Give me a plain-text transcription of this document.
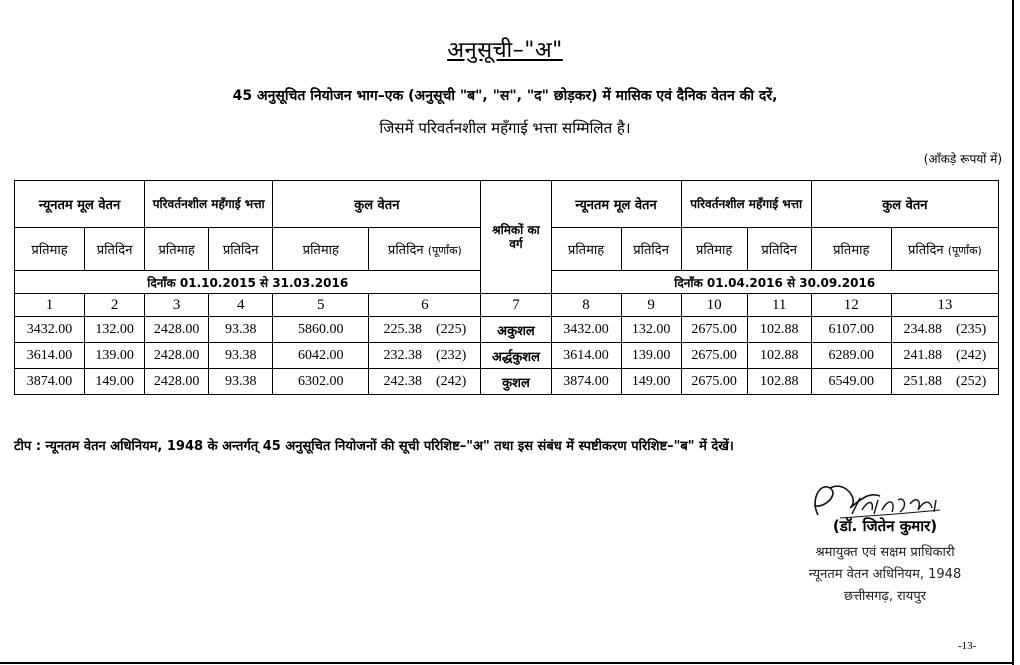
अनुसूची–"अ"
45 अनुसूचित नियोजन भाग–एक (अनुसूची "ब", "स", "द" छोड़कर) में मासिक एवं दैनिक वेतन की दरें,
जिसमें परिवर्तनशील महँगाई भत्ता सम्मिलित है।
(आँकड़े रूपयों में)
न्यूनतम मूल वेतन		परिवर्तनशील महँगाई भत्ता		कुल वेतन		श्रमिकों का वर्ग	न्यूनतम मूल वेतन		परिवर्तनशील महँगाई भत्ता		कुल वेतन	
प्रतिमाह	प्रतिदिन	प्रतिमाह	प्रतिदिन	प्रतिमाह	प्रतिदिन (पूर्णांक)		प्रतिमाह	प्रतिदिन	प्रतिमाह	प्रतिदिन	प्रतिमाह	प्रतिदिन (पूर्णांक)
दिनाँक 01.10.2015 से 31.03.2016							दिनाँक 01.04.2016 से 30.09.2016					
1	2	3	4	5	6	7	8	9	10	11	12	13
3432.00	132.00	2428.00	93.38	5860.00	225.38 (225)	अकुशल	3432.00	132.00	2675.00	102.88	6107.00	234.88 (235)
3614.00	139.00	2428.00	93.38	6042.00	232.38 (232)	अर्द्धकुशल	3614.00	139.00	2675.00	102.88	6289.00	241.88 (242)
3874.00	149.00	2428.00	93.38	6302.00	242.38 (242)	कुशल	3874.00	149.00	2675.00	102.88	6549.00	251.88 (252)
टीप : न्यूनतम वेतन अधिनियम, 1948 के अन्तर्गत् 45 अनुसूचित नियोजनों की सूची परिशिष्ट–"अ" तथा इस संबंध में स्पष्टीकरण परिशिष्ट–"ब" में देखें।
(डॉ. जितेन कुमार)
श्रमायुक्त एवं सक्षम प्राधिकारी
न्यूनतम वेतन अधिनियम, 1948
छत्तीसगढ़, रायपुर
-13-
